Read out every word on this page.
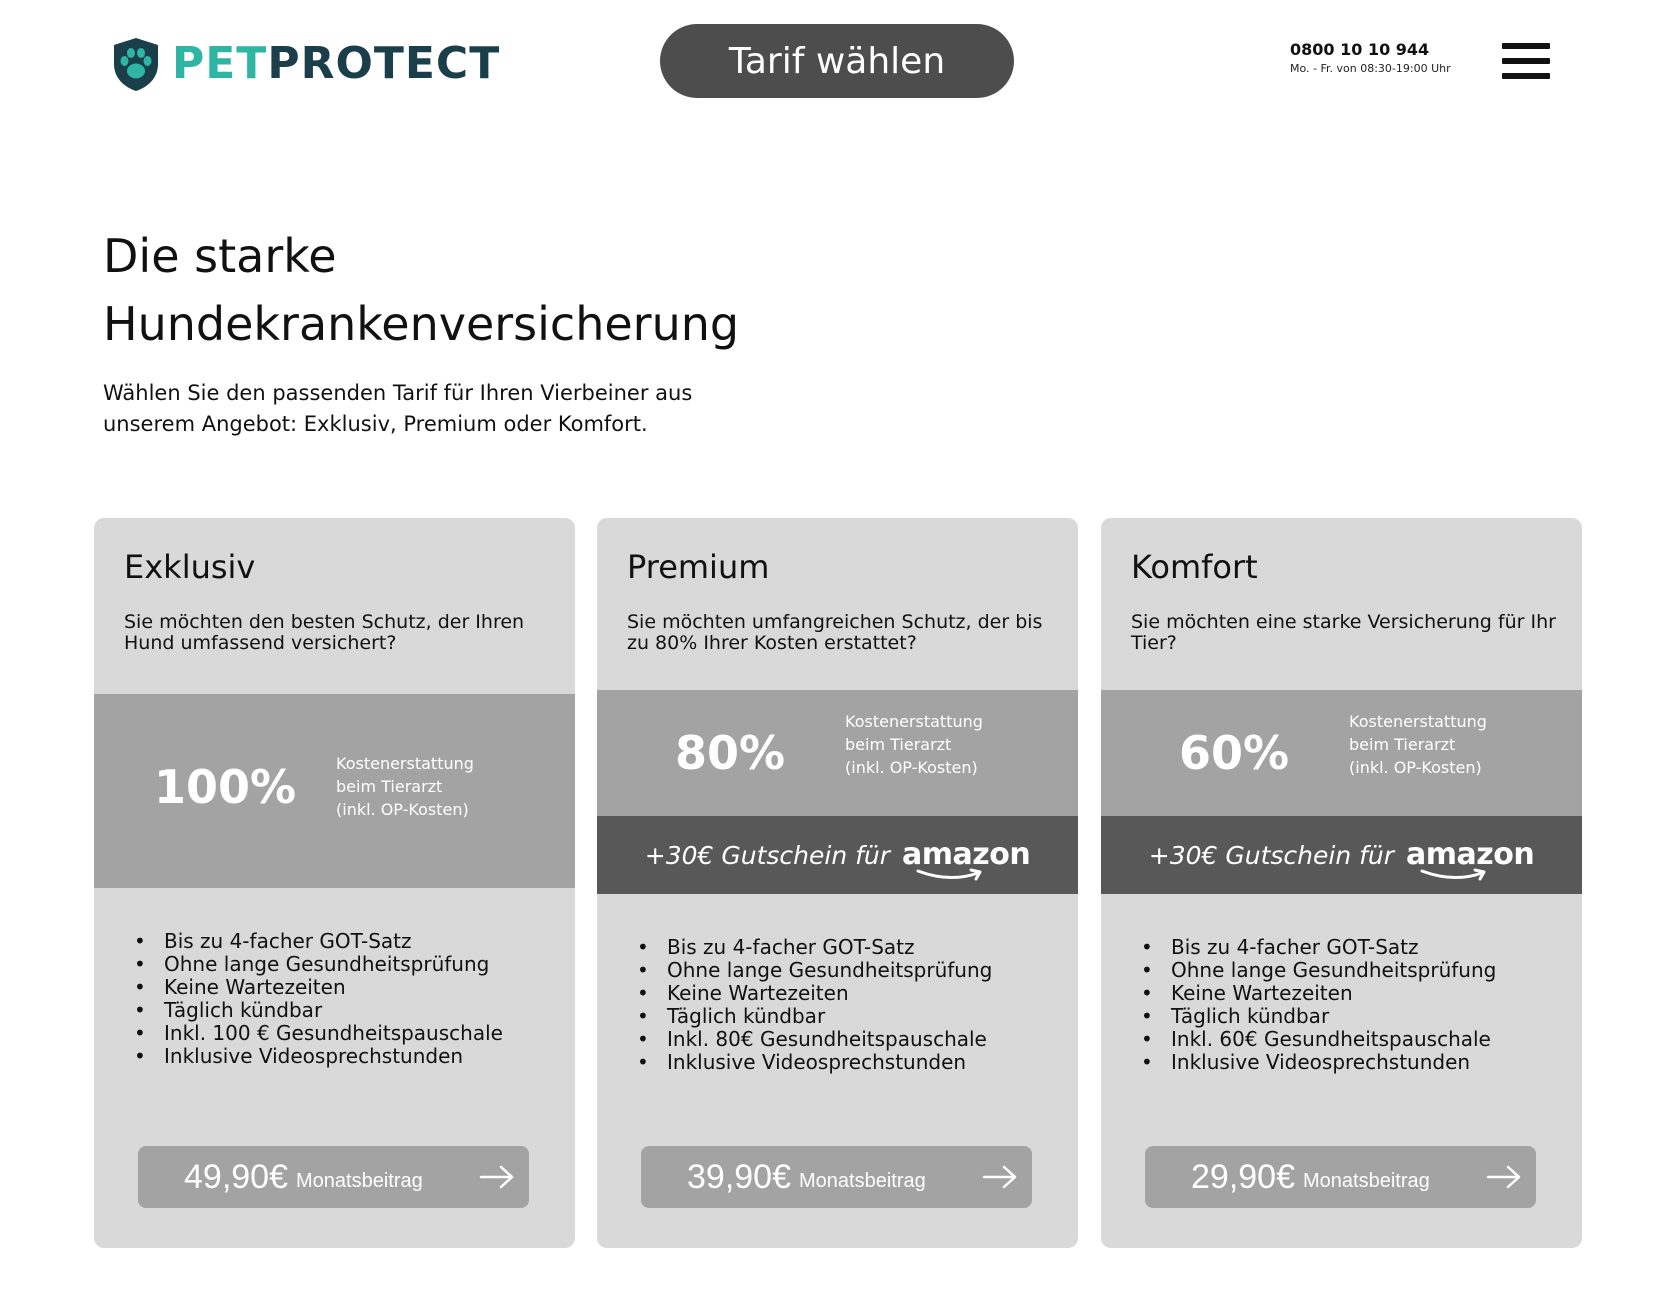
PETPROTECT	Tarif wählen	0800 10 10 944
Mo. - Fr. von 08:30-19:00 Uhr
Die starke
Hundekrankenversicherung

Wählen Sie den passenden Tarif für Ihren Vierbeiner aus unserem Angebot: Exklusiv, Premium oder Komfort.

Exklusiv
Sie möchten den besten Schutz, der Ihren Hund umfassend versichert?
100% Kostenerstattung
beim Tierarzt
(inkl. OP-Kosten)
• Bis zu 4-facher GOT-Satz
• Ohne lange Gesundheitsprüfung
• Keine Wartezeiten
• Täglich kündbar
• Inkl. 100 € Gesundheitspauschale
• Inklusive Videosprechstunden
49,90€ Monatsbeitrag
Premium
Sie möchten umfangreichen Schutz, der bis zu 80% Ihrer Kosten erstattet?
80%
Kostenerstattung
beim Tierarzt
(inkl. OP-Kosten)
+30€ Gutschein für amazon
• Bis zu 4-facher GOT-Satz
• Ohne lange Gesundheitsprüfung
• Keine Wartezeiten
• Täglich kündbar
• Inkl. 80€ Gesundheitspauschale
• Inklusive Videosprechstunden
39,90€ Monatsbeitrag
Komfort
Sie möchten eine starke Versicherung für Ihr Tier?
60%
Kostenerstattung
beim Tierarzt
(inkl. OP-Kosten)
+30€ Gutschein für amazon
• Bis zu 4-facher GOT-Satz
• Ohne lange Gesundheitsprüfung
• Keine Wartezeiten
• Täglich kündbar
• Inkl. 60€ Gesundheitspauschale
• Inklusive Videosprechstunden
29,90€ Monatsbeitrag
